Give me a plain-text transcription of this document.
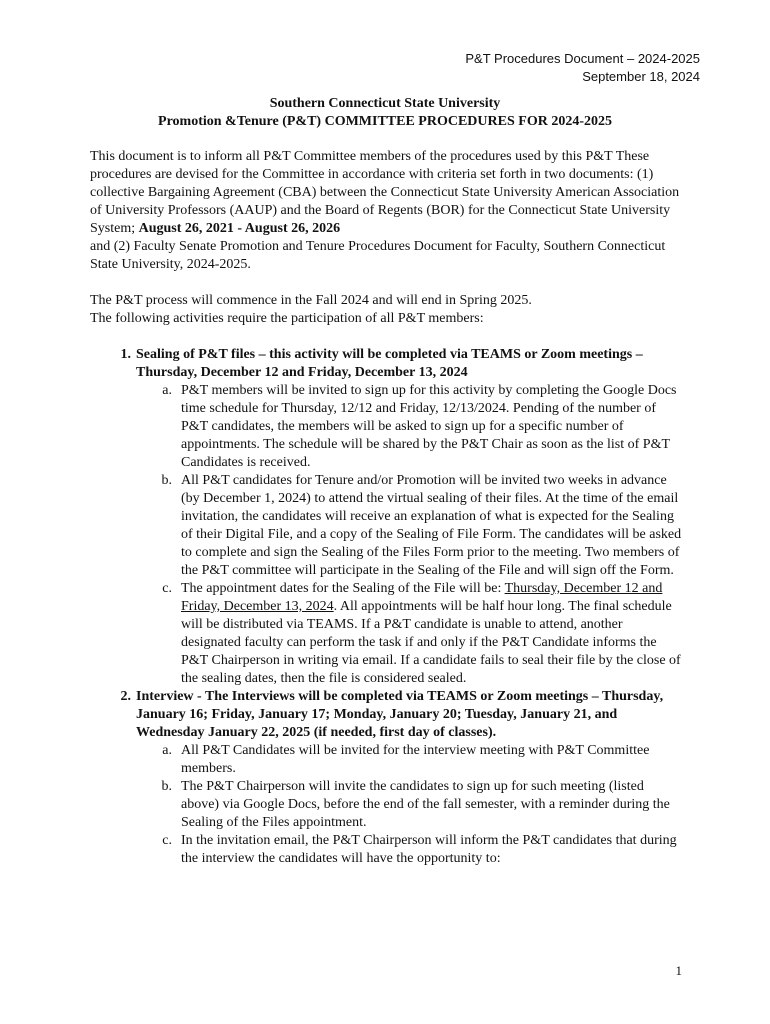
P&T Procedures Document – 2024-2025
September 18, 2024
Southern Connecticut State University
Promotion &Tenure (P&T) COMMITTEE PROCEDURES FOR 2024-2025

This document is to inform all P&T Committee members of the procedures used by this P&T These procedures are devised for the Committee in accordance with criteria set forth in two documents: (1) collective Bargaining Agreement (CBA) between the Connecticut State University American Association of University Professors (AAUP) and the Board of Regents (BOR) for the Connecticut State University System; August 26, 2021 - August 26, 2026
and (2) Faculty Senate Promotion and Tenure Procedures Document for Faculty, Southern Connecticut State University, 2024-2025.

The P&T process will commence in the Fall 2024 and will end in Spring 2025.
The following activities require the participation of all P&T members:

1. Sealing of P&T files – this activity will be completed via TEAMS or Zoom meetings – Thursday, December 12 and Friday, December 13, 2024
a. P&T members will be invited to sign up for this activity by completing the Google Docs time schedule for Thursday, 12/12 and Friday, 12/13/2024. Pending of the number of P&T candidates, the members will be asked to sign up for a specific number of appointments. The schedule will be shared by the P&T Chair as soon as the list of P&T Candidates is received.
b. All P&T candidates for Tenure and/or Promotion will be invited two weeks in advance (by December 1, 2024) to attend the virtual sealing of their files. At the time of the email invitation, the candidates will receive an explanation of what is expected for the Sealing of their Digital File, and a copy of the Sealing of File Form. The candidates will be asked to complete and sign the Sealing of the Files Form prior to the meeting. Two members of the P&T committee will participate in the Sealing of the File and will sign off the Form.
c. The appointment dates for the Sealing of the File will be: Thursday, December 12 and Friday, December 13, 2024. All appointments will be half hour long. The final schedule will be distributed via TEAMS. If a P&T candidate is unable to attend, another designated faculty can perform the task if and only if the P&T Candidate informs the P&T Chairperson in writing via email. If a candidate fails to seal their file by the close of the sealing dates, then the file is considered sealed.
2. Interview - The Interviews will be completed via TEAMS or Zoom meetings – Thursday, January 16; Friday, January 17; Monday, January 20; Tuesday, January 21, and Wednesday January 22, 2025 (if needed, first day of classes).
a. All P&T Candidates will be invited for the interview meeting with P&T Committee members.
b. The P&T Chairperson will invite the candidates to sign up for such meeting (listed above) via Google Docs, before the end of the fall semester, with a reminder during the Sealing of the Files appointment.
c. In the invitation email, the P&T Chairperson will inform the P&T candidates that during the interview the candidates will have the opportunity to:
1
